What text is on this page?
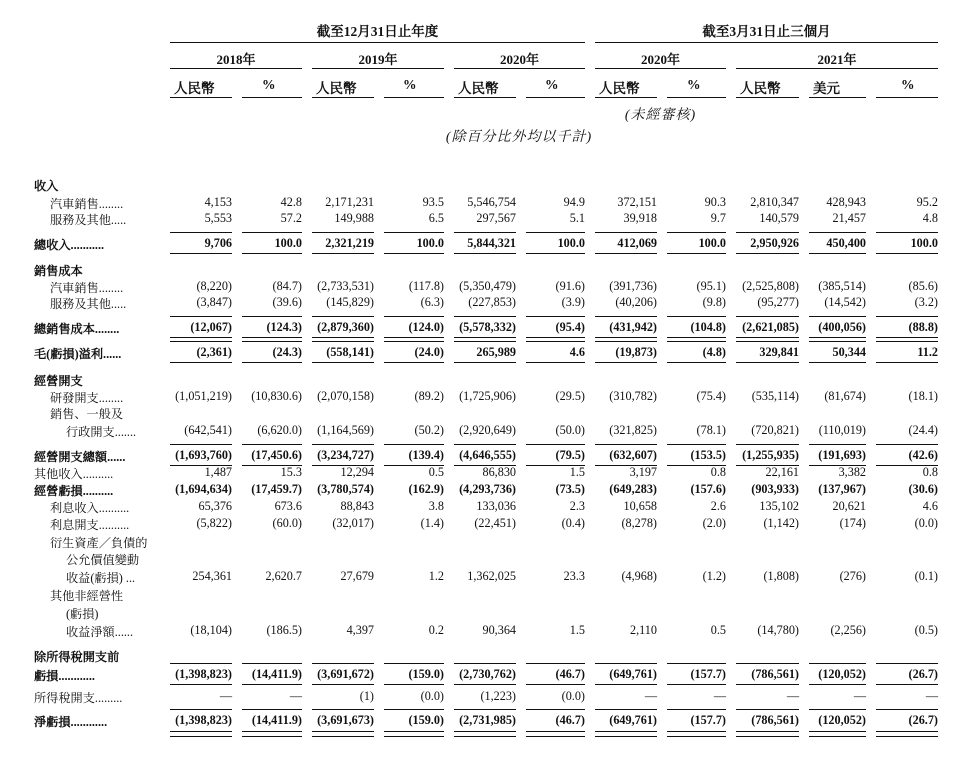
截至12月31日止年度	截至3月31日止三個月
2018年	2019年	2020年	2020年	2021年
人民幣	%	人民幣	%	人民幣	%	人民幣	%	人民幣 美元	%
(未經審核)
(除百分比外均以千計)
收入
汽車銷售........	4,153	42.8 2,171,231	93.5 5,546,754	94.9	372,151	90.3 2,810,347 428,943	95.2
服務及其他.....	5,553	57.2	149,988	6.5	297,567	5.1	39,918	9.7	140,579	21,457	4.8
總收入...........	9,706	100.0 2,321,219	100.0 5,844,321	100.0	412,069	100.0 2,950,926 450,400	100.0
銷售成本
汽車銷售........	(8,220)	(84.7) (2,733,531)	(117.8) (5,350,479)	(91.6) (391,736)	(95.1) (2,525,808) (385,514)	(85.6)
服務及其他.....	(3,847)	(39.6) (145,829)	(6.3) (227,853)	(3.9) (40,206)	(9.8)	(95,277) (14,542)	(3.2)
總銷售成本........	(12,067)	(124.3) (2,879,360)	(124.0) (5,578,332)	(95.4) (431,942)	(104.8) (2,621,085) (400,056)	(88.8)
毛(虧損)溢利......	(2,361)	(24.3) (558,141)	(24.0)	265,989	4.6 (19,873)	(4.8)	329,841	50,344	11.2
經營開支
研發開支........	(1,051,219) (10,830.6) (2,070,158)	(89.2) (1,725,906)	(29.5) (310,782)	(75.4) (535,114) (81,674)	(18.1)
銷售、一般及
行政開支.......	(642,541) (6,620.0) (1,164,569)	(50.2) (2,920,649)	(50.0) (321,825)	(78.1) (720,821) (110,019)	(24.4)
經營開支總額......	(1,693,760) (17,450.6) (3,234,727)	(139.4) (4,646,555)	(79.5) (632,607)	(153.5) (1,255,935) (191,693)	(42.6)
其他收入..........	1,487	15.3	12,294	0.5	86,830	1.5	3,197	0.8	22,161	3,382	0.8
經營虧損..........	(1,694,634) (17,459.7) (3,780,574)	(162.9) (4,293,736)	(73.5) (649,283)	(157.6) (903,933) (137,967)	(30.6)
利息收入..........	65,376	673.6	88,843	3.8	133,036	2.3	10,658	2.6	135,102	20,621	4.6
利息開支..........	(5,822)	(60.0) (32,017)	(1.4) (22,451)	(0.4)	(8,278)	(2.0)	(1,142)	(174)	(0.0)
衍生資產／負債的
公允價值變動
收益(虧損) ...	254,361	2,620.7	27,679	1.2 1,362,025	23.3	(4,968)	(1.2)	(1,808)	(276)	(0.1)
其他非經營性
(虧損)
收益淨額......	(18,104)	(186.5)	4,397	0.2	90,364	1.5	2,110	0.5	(14,780)	(2,256)	(0.5)
除所得稅開支前
虧損............	(1,398,823) (14,411.9) (3,691,672)	(159.0) (2,730,762)	(46.7) (649,761)	(157.7) (786,561) (120,052)	(26.7)
所得稅開支.........	—	—	(1)	(0.0)	(1,223)	(0.0)	—	—	—	—	—
淨虧損............	(1,398,823) (14,411.9) (3,691,673)	(159.0) (2,731,985)	(46.7) (649,761)	(157.7) (786,561) (120,052)	(26.7)
